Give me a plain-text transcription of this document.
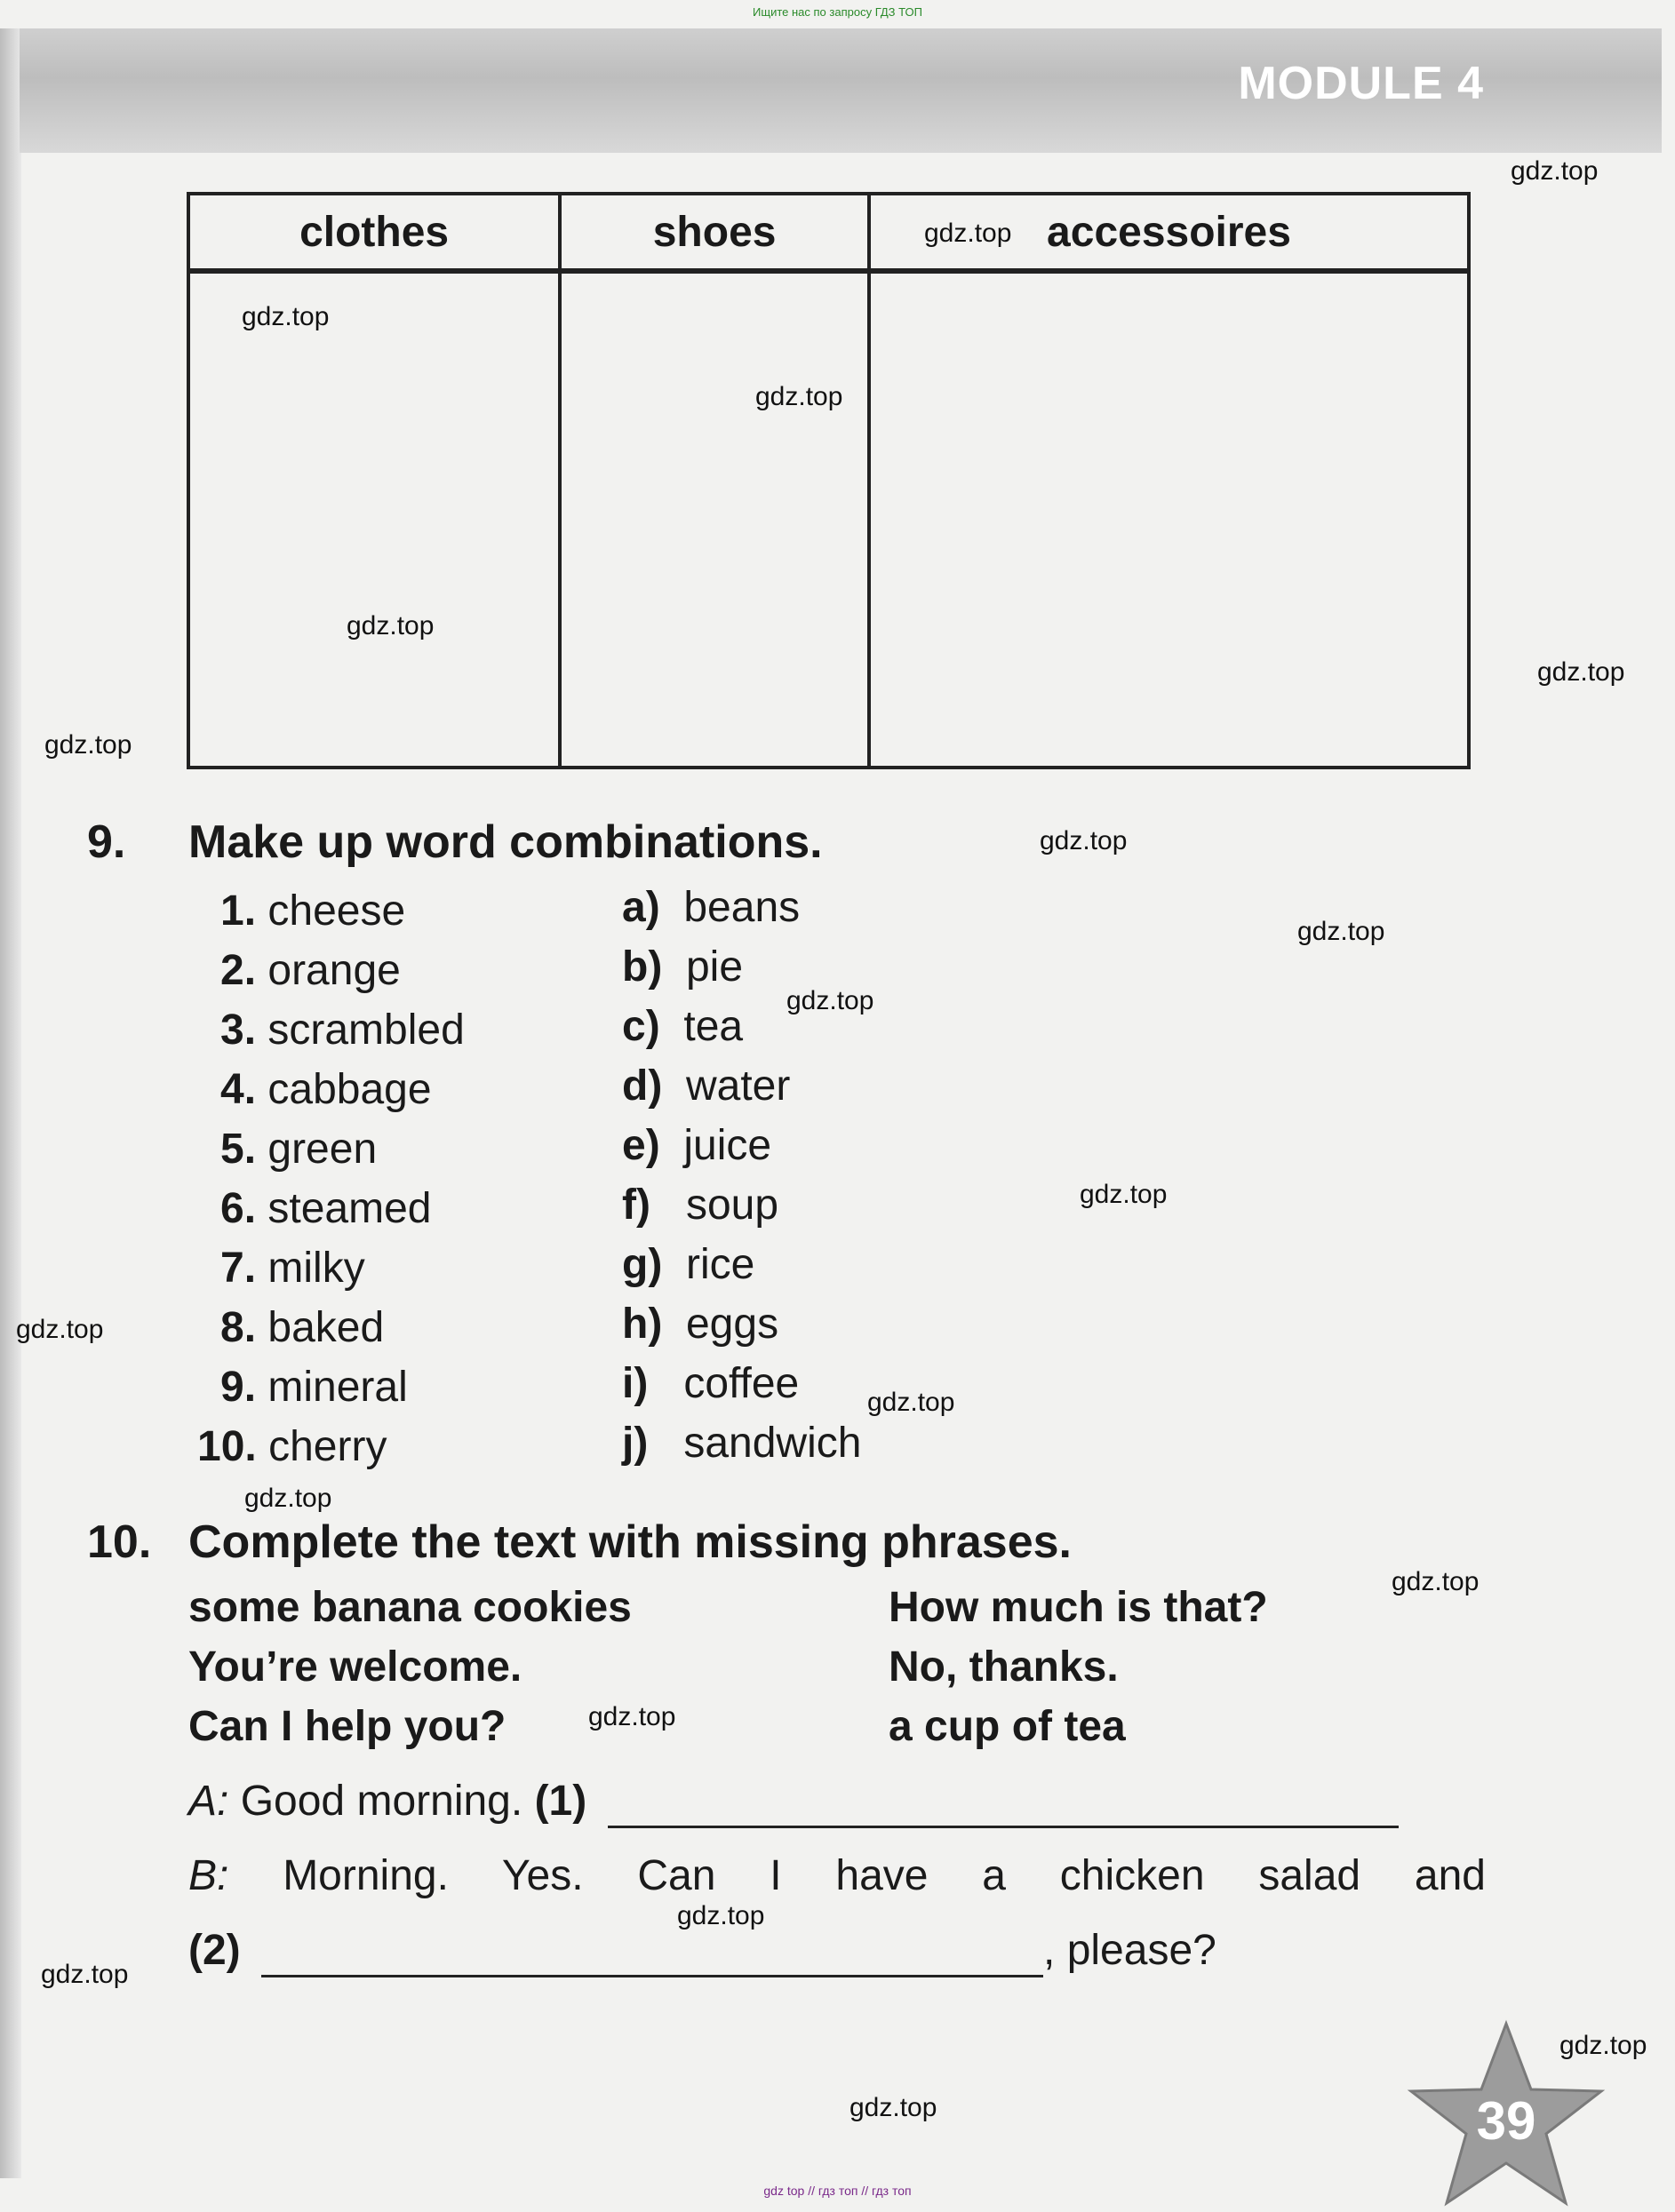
Ищите нас по запросу ГДЗ ТОП
MODULE 4
gdz.top
gdz.top
gdz.top
gdz.top
gdz.top
gdz.top
gdz.top
gdz.top
gdz.top
gdz.top
gdz.top
gdz.top
gdz.top
gdz.top
gdz.top
gdz.top
gdz.top
gdz.top
gdz.top
gdz.top
clothes	shoes	accessoires

9. Make up word combinations.
1. cheese
2. orange
3. scrambled
4. cabbage
5. green
6. steamed
7. milky
8. baked
9. mineral
10. cherry
a) beans
b) pie
c) tea
d) water
e) juice
f) soup
g) rice
h) eggs
i) coffee
j) sandwich
10. Complete the text with missing phrases.
some banana cookies
You’re welcome.
Can I help you?
How much is that?
No, thanks.
a cup of tea
A: Good morning. (1)
B: Morning. Yes. Can I have a chicken salad and
(2)	, please?
39
gdz top // гдз топ // гдз топ
